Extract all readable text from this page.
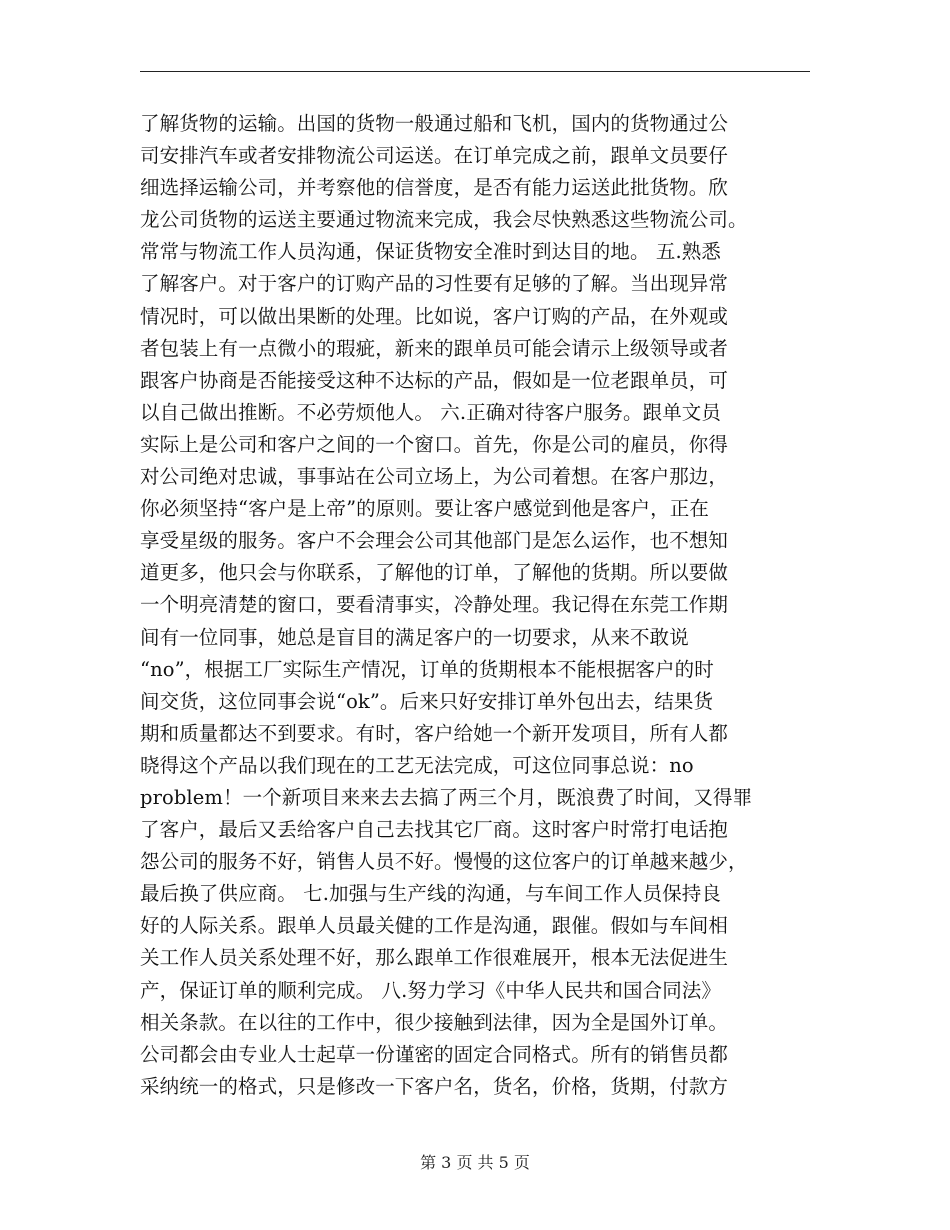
了解货物的运输。出国的货物一般通过船和飞机，国内的货物通过公
司安排汽车或者安排物流公司运送。在订单完成之前，跟单文员要仔
细选择运输公司，并考察他的信誉度，是否有能力运送此批货物。欣
龙公司货物的运送主要通过物流来完成，我会尽快熟悉这些物流公司。
常常与物流工作人员沟通，保证货物安全准时到达目的地。 五.熟悉
了解客户。对于客户的订购产品的习性要有足够的了解。当出现异常
情况时，可以做出果断的处理。比如说，客户订购的产品，在外观或
者包装上有一点微小的瑕疵，新来的跟单员可能会请示上级领导或者
跟客户协商是否能接受这种不达标的产品，假如是一位老跟单员，可
以自己做出推断。不必劳烦他人。 六.正确对待客户服务。跟单文员
实际上是公司和客户之间的一个窗口。首先，你是公司的雇员，你得
对公司绝对忠诚，事事站在公司立场上，为公司着想。在客户那边，
你必须坚持“客户是上帝”的原则。要让客户感觉到他是客户，正在
享受星级的服务。客户不会理会公司其他部门是怎么运作，也不想知
道更多，他只会与你联系，了解他的订单，了解他的货期。所以要做
一个明亮清楚的窗口，要看清事实，冷静处理。我记得在东莞工作期
间有一位同事，她总是盲目的满足客户的一切要求，从来不敢说
“no”，根据工厂实际生产情况，订单的货期根本不能根据客户的时
间交货，这位同事会说“ok”。后来只好安排订单外包出去，结果货
期和质量都达不到要求。有时，客户给她一个新开发项目，所有人都
晓得这个产品以我们现在的工艺无法完成，可这位同事总说：no
problem！一个新项目来来去去搞了两三个月，既浪费了时间，又得罪
了客户，最后又丢给客户自己去找其它厂商。这时客户时常打电话抱
怨公司的服务不好，销售人员不好。慢慢的这位客户的订单越来越少，
最后换了供应商。 七.加强与生产线的沟通，与车间工作人员保持良
好的人际关系。跟单人员最关健的工作是沟通，跟催。假如与车间相
关工作人员关系处理不好，那么跟单工作很难展开，根本无法促进生
产，保证订单的顺利完成。 八.努力学习《中华人民共和国合同法》
相关条款。在以往的工作中，很少接触到法律，因为全是国外订单。
公司都会由专业人士起草一份谨密的固定合同格式。所有的销售员都
采纳统一的格式，只是修改一下客户名，货名，价格，货期，付款方
第 3 页 共 5 页
